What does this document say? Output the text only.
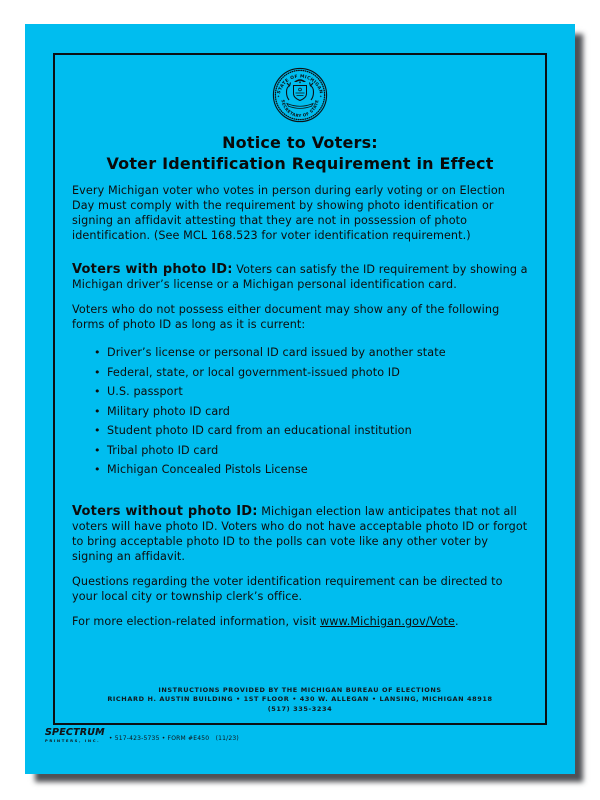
STATE OF MICHIGAN
SECRETARY OF STATE
✦	✦
Notice to Voters:
Voter Identification Requirement in Effect

Every Michigan voter who votes in person during early voting or on Election Day must comply with the requirement by showing photo identification or signing an affidavit attesting that they are not in possession of photo identification. (See MCL 168.523 for voter identification requirement.)

Voters with photo ID: Voters can satisfy the ID requirement by showing a Michigan driver’s license or a Michigan personal identification card.

Voters who do not possess either document may show any of the following forms of photo ID as long as it is current:

• Driver’s license or personal ID card issued by another state
• Federal, state, or local government-issued photo ID
• U.S. passport
• Military photo ID card
• Student photo ID card from an educational institution
• Tribal photo ID card
• Michigan Concealed Pistols License

Voters without photo ID: Michigan election law anticipates that not all voters will have photo ID. Voters who do not have acceptable photo ID or forgot to bring acceptable photo ID to the polls can vote like any other voter by signing an affidavit.

Questions regarding the voter identification requirement can be directed to your local city or township clerk’s office.

For more election-related information, visit www.Michigan.gov/Vote.

INSTRUCTIONS PROVIDED BY THE MICHIGAN BUREAU OF ELECTIONS
RICHARD H. AUSTIN BUILDING • 1ST FLOOR • 430 W. ALLEGAN • LANSING, MICHIGAN 48918
(517) 335-3234
SPECTRUM
PRINTERS, INC.	• 517-423-5735 • FORM #E450   (11/23)
